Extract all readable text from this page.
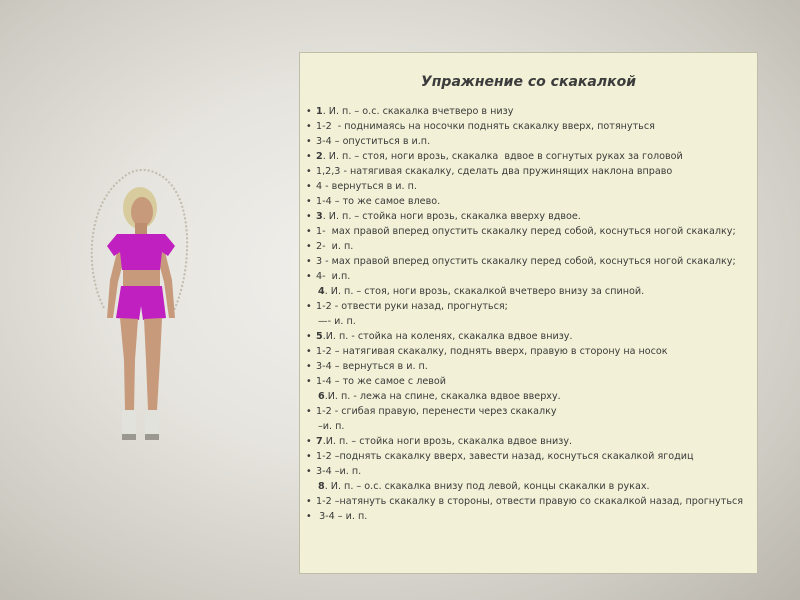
Упражнение со скакалкой
• 1. И. п. – о.с. скакалка вчетверо в низу
• 1-2  - поднимаясь на носочки поднять скакалку вверх, потянуться
• 3-4 – опуститься в и.п.
• 2. И. п. – стоя, ноги врозь, скакалка  вдвое в согнутых руках за головой
• 1,2,3 - натягивая скакалку, сделать два пружинящих наклона вправо
• 4 - вернуться в и. п.
• 1-4 – то же самое влево.
• 3. И. п. – стойка ноги врозь, скакалка вверху вдвое.
• 1-  мах правой вперед опустить скакалку перед собой, коснуться ногой скакалку;
• 2-  и. п.
• 3 - мах правой вперед опустить скакалку перед собой, коснуться ногой скакалку;
• 4-  и.п.
4. И. п. – стоя, ноги врозь, скакалкой вчетверо внизу за спиной.
• 1-2 - отвести руки назад, прогнуться;
—- и. п.
• 5.И. п. - стойка на коленях, скакалка вдвое внизу.
• 1-2 – натягивая скакалку, поднять вверх, правую в сторону на носок
• 3-4 – вернуться в и. п.
• 1-4 – то же самое с левой
6.И. п. - лежа на спине, скакалка вдвое вверху.
• 1-2 - сгибая правую, перенести через скакалку
–и. п.
• 7.И. п. – стойка ноги врозь, скакалка вдвое внизу.
• 1-2 –поднять скакалку вверх, завести назад, коснуться скакалкой ягодиц
• 3-4 –и. п.
8. И. п. – о.с. скакалка внизу под левой, концы скакалки в руках.
• 1-2 –натянуть скакалку в стороны, отвести правую со скакалкой назад, прогнуться
• 3-4 – и. п.
